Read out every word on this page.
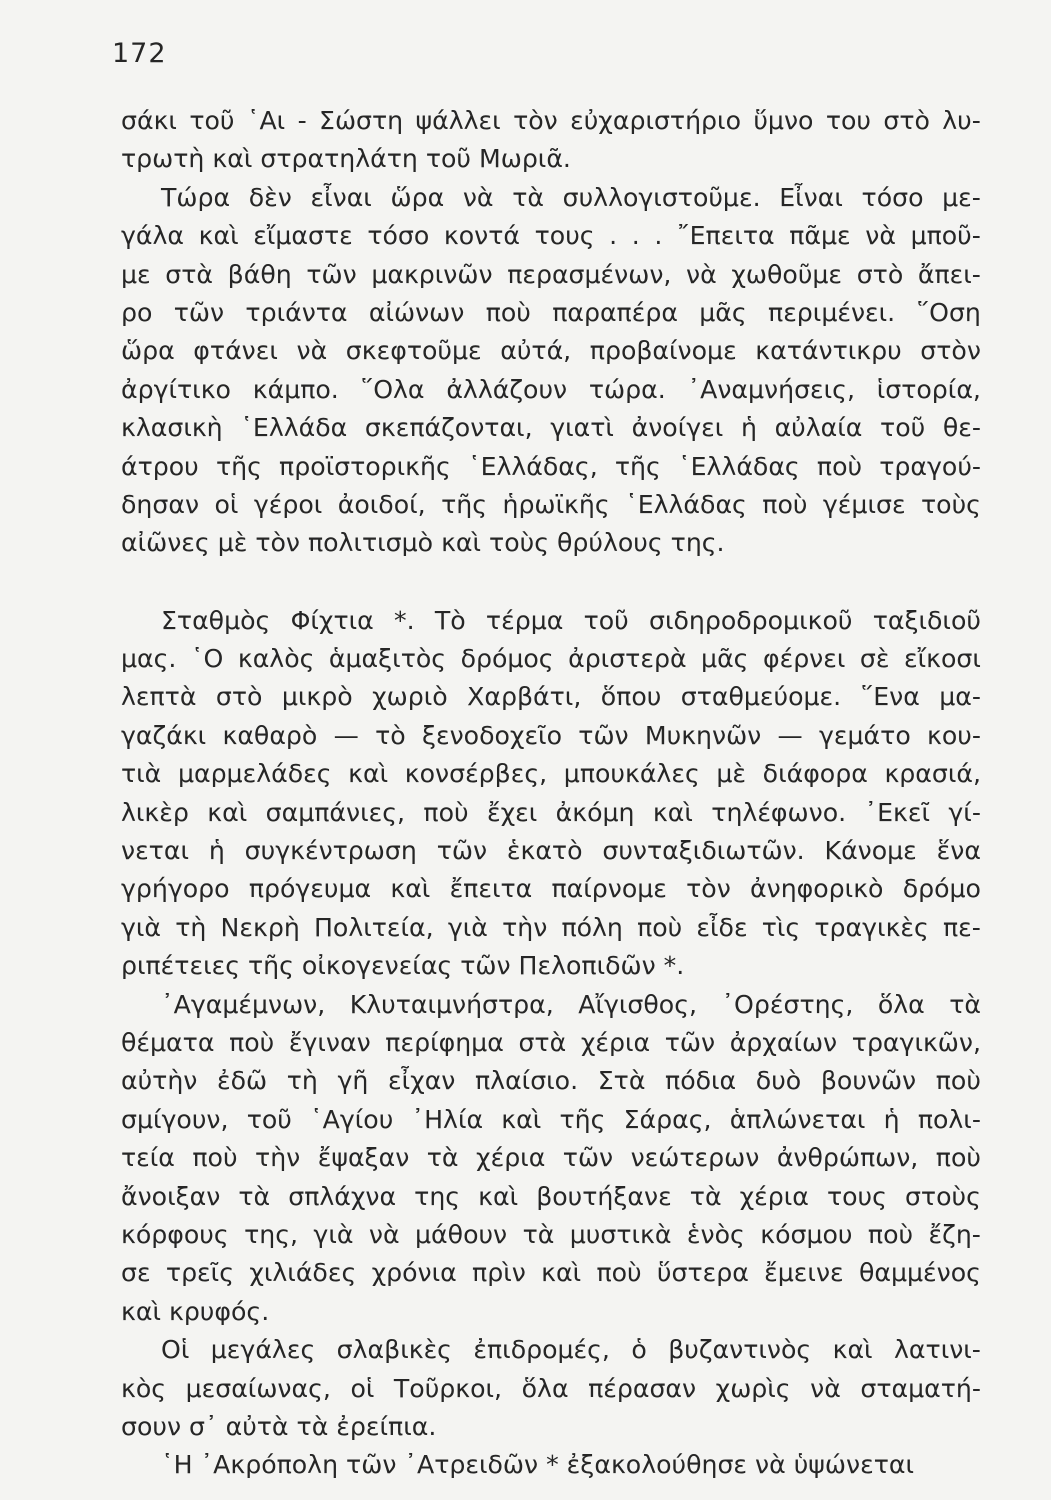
172
σάκι τοῦ ῾Αι - Σώστη ψάλλει τὸν εὐχαριστήριο ὕμνο του στὸ λυ-
τρωτὴ καὶ στρατηλάτη τοῦ Μωριᾶ.
Τώρα δὲν εἶναι ὥρα νὰ τὰ συλλογιστοῦμε. Εἶναι τόσο με-
γάλα καὶ εἴμαστε τόσο κοντά τους . . . ῎Επειτα πᾶμε νὰ μποῦ-
με στὰ βάθη τῶν μακρινῶν περασμένων, νὰ χωθοῦμε στὸ ἄπει-
ρο τῶν τριάντα αἰώνων ποὺ παραπέρα μᾶς περιμένει. ῞Οση
ὥρα φτάνει νὰ σκεφτοῦμε αὐτά, προβαίνομε κατάντικρυ στὸν
ἀργίτικο κάμπο. ῞Ολα ἀλλάζουν τώρα. ᾿Αναμνήσεις, ἱστορία,
κλασικὴ ῾Ελλάδα σκεπάζονται, γιατὶ ἀνοίγει ἡ αὐλαία τοῦ θε-
άτρου τῆς προϊστορικῆς ῾Ελλάδας, τῆς ῾Ελλάδας ποὺ τραγού-
δησαν οἱ γέροι ἀοιδοί, τῆς ἡρωϊκῆς ῾Ελλάδας ποὺ γέμισε τοὺς
αἰῶνες μὲ τὸν πολιτισμὸ καὶ τοὺς θρύλους της.
Σταθμὸς Φίχτια *. Τὸ τέρμα τοῦ σιδηροδρομικοῦ ταξιδιοῦ
μας. ῾Ο καλὸς ἁμαξιτὸς δρόμος ἀριστερὰ μᾶς φέρνει σὲ εἴκοσι
λεπτὰ στὸ μικρὸ χωριὸ Χαρβάτι, ὅπου σταθμεύομε. ῞Ενα μα-
γαζάκι καθαρὸ — τὸ ξενοδοχεῖο τῶν Μυκηνῶν — γεμάτο κου-
τιὰ μαρμελάδες καὶ κονσέρβες, μπουκάλες μὲ διάφορα κρασιά,
λικὲρ καὶ σαμπάνιες, ποὺ ἔχει ἀκόμη καὶ τηλέφωνο. ᾿Εκεῖ γί-
νεται ἡ συγκέντρωση τῶν ἑκατὸ συνταξιδιωτῶν. Κάνομε ἕνα
γρήγορο πρόγευμα καὶ ἔπειτα παίρνομε τὸν ἀνηφορικὸ δρόμο
γιὰ τὴ Νεκρὴ Πολιτεία, γιὰ τὴν πόλη ποὺ εἶδε τὶς τραγικὲς πε-
ριπέτειες τῆς οἰκογενείας τῶν Πελοπιδῶν *.
᾿Αγαμέμνων, Κλυταιμνήστρα, Αἴγισθος, ᾿Ορέστης, ὅλα τὰ
θέματα ποὺ ἔγιναν περίφημα στὰ χέρια τῶν ἀρχαίων τραγικῶν,
αὐτὴν ἐδῶ τὴ γῆ εἶχαν πλαίσιο. Στὰ πόδια δυὸ βουνῶν ποὺ
σμίγουν, τοῦ ῾Αγίου ᾿Ηλία καὶ τῆς Σάρας, ἁπλώνεται ἡ πολι-
τεία ποὺ τὴν ἔψαξαν τὰ χέρια τῶν νεώτερων ἀνθρώπων, ποὺ
ἄνοιξαν τὰ σπλάχνα της καὶ βουτήξανε τὰ χέρια τους στοὺς
κόρφους της, γιὰ νὰ μάθουν τὰ μυστικὰ ἑνὸς κόσμου ποὺ ἔζη-
σε τρεῖς χιλιάδες χρόνια πρὶν καὶ ποὺ ὕστερα ἔμεινε θαμμένος
καὶ κρυφός.
Οἱ μεγάλες σλαβικὲς ἐπιδρομές, ὁ βυζαντινὸς καὶ λατινι-
κὸς μεσαίωνας, οἱ Τοῦρκοι, ὅλα πέρασαν χωρὶς νὰ σταματή-
σουν σ᾿ αὐτὰ τὰ ἐρείπια.
῾Η ᾿Ακρόπολη τῶν ᾿Ατρειδῶν * ἐξακολούθησε νὰ ὑψώνεται
